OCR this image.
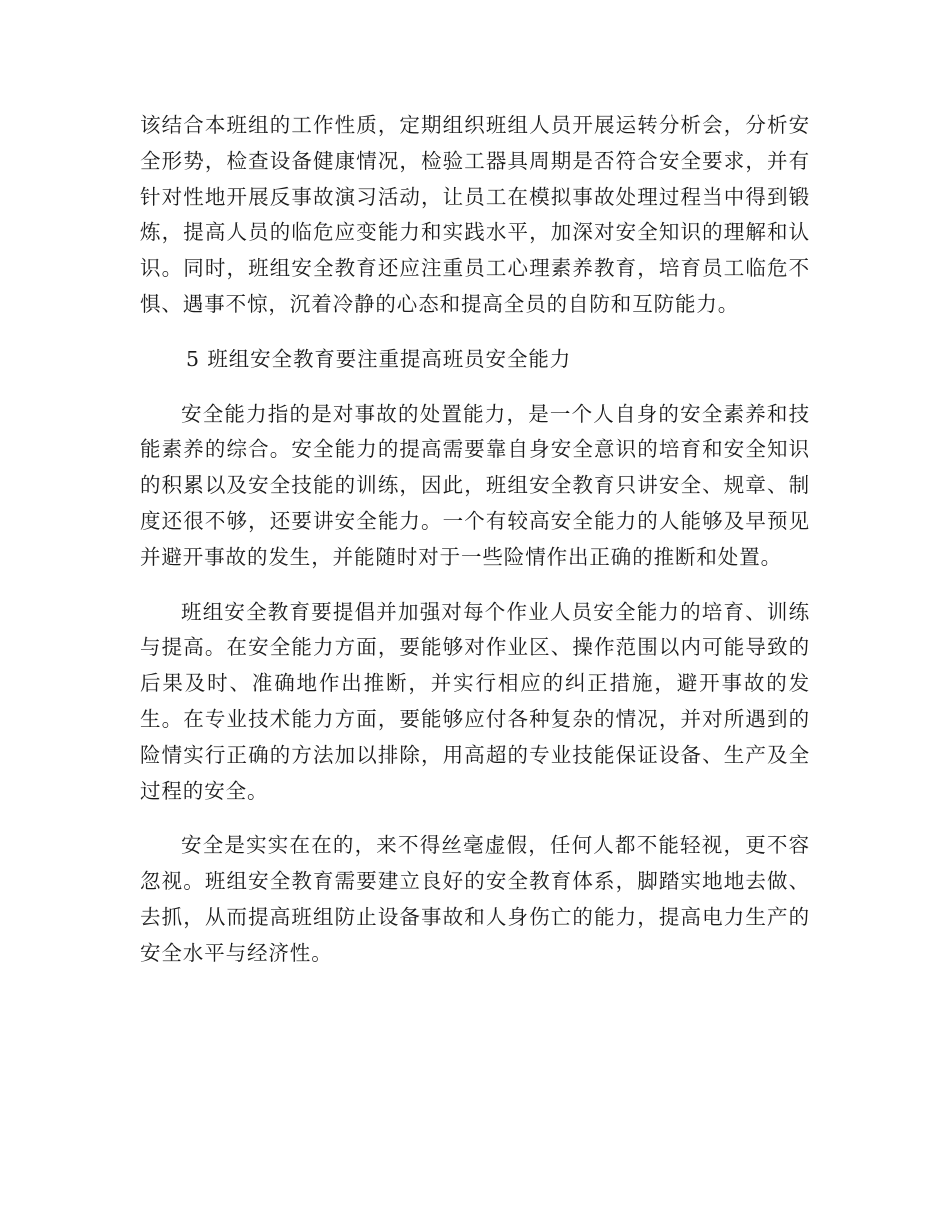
该结合本班组的工作性质，定期组织班组人员开展运转分析会，分析安全形势，检查设备健康情况，检验工器具周期是否符合安全要求，并有针对性地开展反事故演习活动，让员工在模拟事故处理过程当中得到锻炼，提高人员的临危应变能力和实践水平，加深对安全知识的理解和认识。同时，班组安全教育还应注重员工心理素养教育，培育员工临危不惧、遇事不惊，沉着冷静的心态和提高全员的自防和互防能力。

5 班组安全教育要注重提高班员安全能力

安全能力指的是对事故的处置能力，是一个人自身的安全素养和技能素养的综合。安全能力的提高需要靠自身安全意识的培育和安全知识的积累以及安全技能的训练，因此，班组安全教育只讲安全、规章、制度还很不够，还要讲安全能力。一个有较高安全能力的人能够及早预见并避开事故的发生，并能随时对于一些险情作出正确的推断和处置。

班组安全教育要提倡并加强对每个作业人员安全能力的培育、训练与提高。在安全能力方面，要能够对作业区、操作范围以内可能导致的后果及时、准确地作出推断，并实行相应的纠正措施，避开事故的发生。在专业技术能力方面，要能够应付各种复杂的情况，并对所遇到的险情实行正确的方法加以排除，用高超的专业技能保证设备、生产及全过程的安全。

安全是实实在在的，来不得丝毫虚假，任何人都不能轻视，更不容忽视。班组安全教育需要建立良好的安全教育体系，脚踏实地地去做、去抓，从而提高班组防止设备事故和人身伤亡的能力，提高电力生产的安全水平与经济性。
